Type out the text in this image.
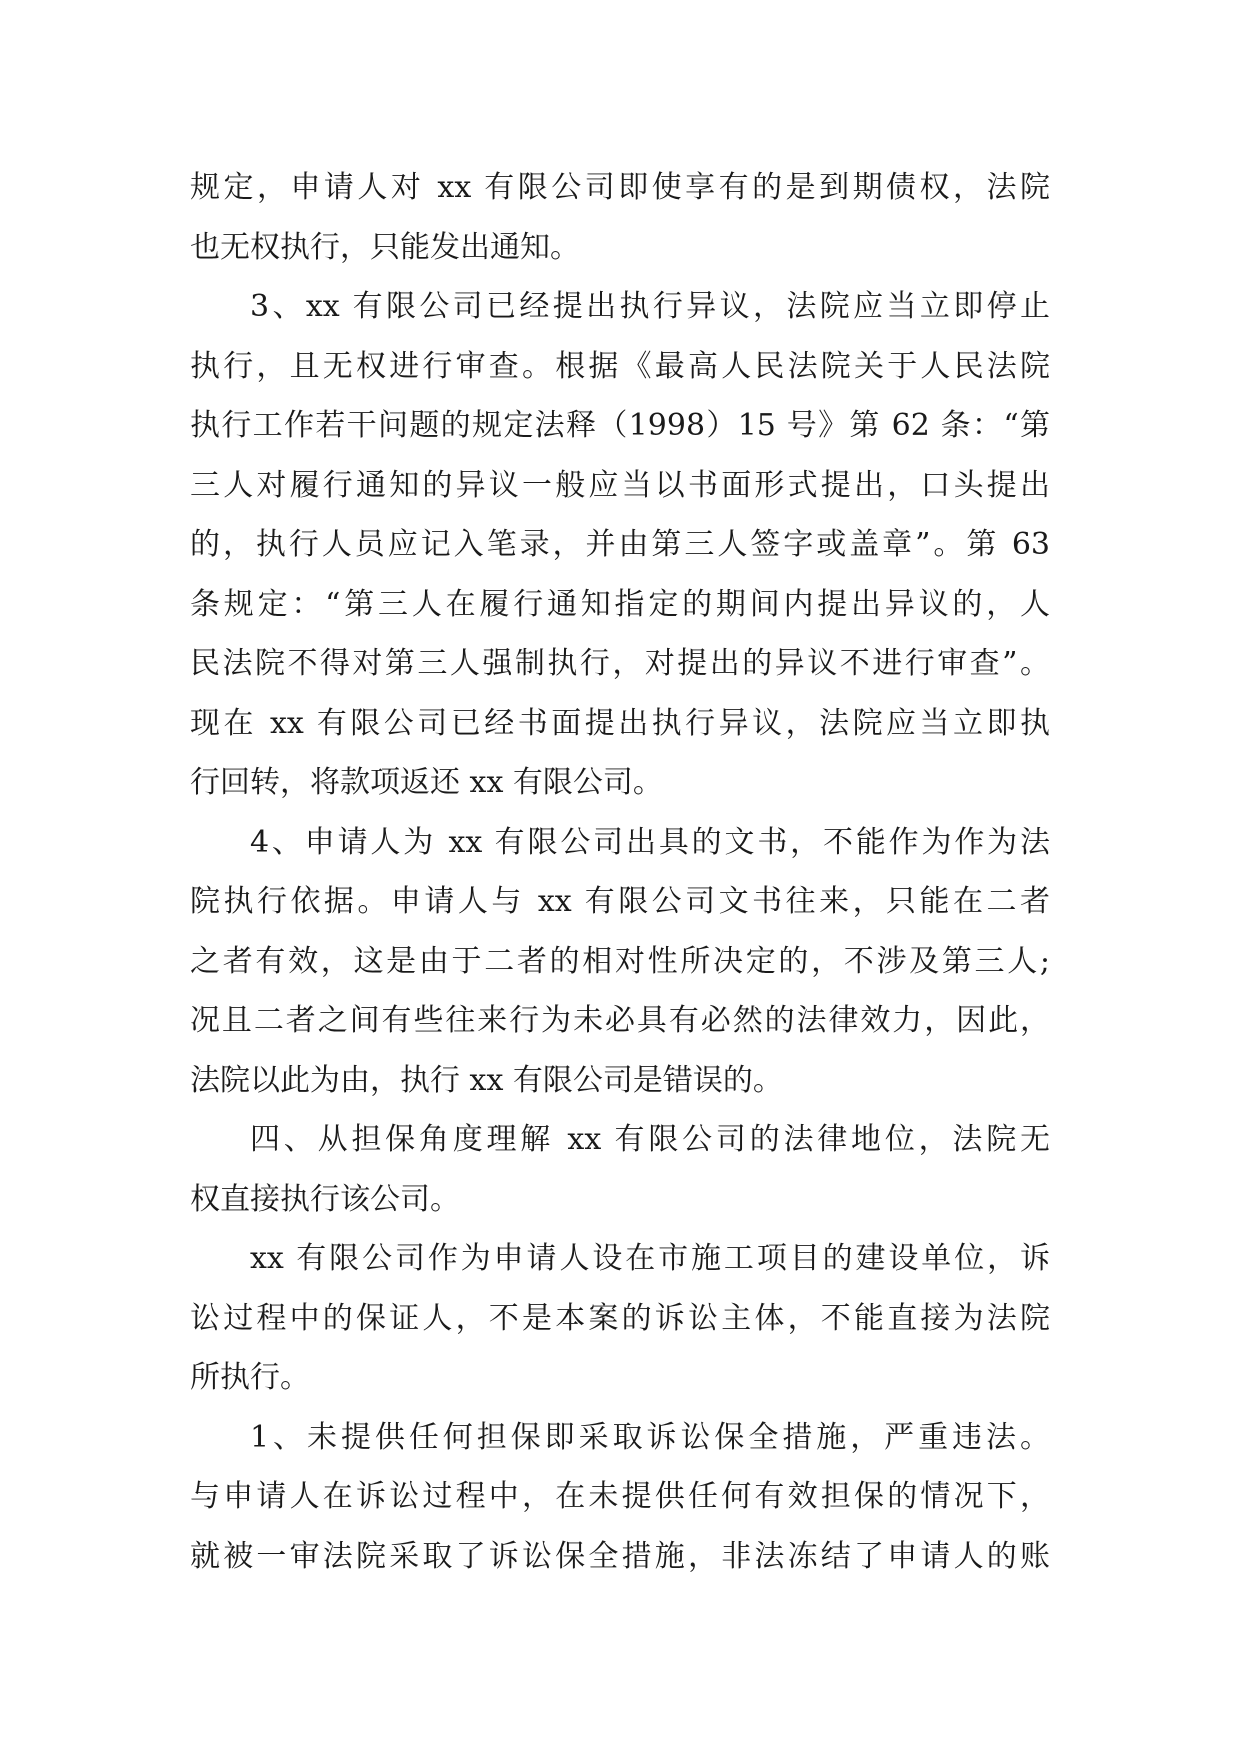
规定，申请人对 xx 有限公司即使享有的是到期债权，法院
也无权执行，只能发出通知。
3、xx 有限公司已经提出执行异议，法院应当立即停止
执行，且无权进行审查。根据《最高人民法院关于人民法院
执行工作若干问题的规定法释（1998）15 号》第 62 条：“第
三人对履行通知的异议一般应当以书面形式提出，口头提出
的，执行人员应记入笔录，并由第三人签字或盖章”。第 63
条规定：“第三人在履行通知指定的期间内提出异议的，人
民法院不得对第三人强制执行，对提出的异议不进行审查”。
现在 xx 有限公司已经书面提出执行异议，法院应当立即执
行回转，将款项返还 xx 有限公司。
4、申请人为 xx 有限公司出具的文书，不能作为作为法
院执行依据。申请人与 xx 有限公司文书往来，只能在二者
之者有效，这是由于二者的相对性所决定的，不涉及第三人;
况且二者之间有些往来行为未必具有必然的法律效力，因此，
法院以此为由，执行 xx 有限公司是错误的。
四、从担保角度理解 xx 有限公司的法律地位，法院无
权直接执行该公司。
xx 有限公司作为申请人设在市施工项目的建设单位，诉
讼过程中的保证人，不是本案的诉讼主体，不能直接为法院
所执行。
1、未提供任何担保即采取诉讼保全措施，严重违法。
与申请人在诉讼过程中，在未提供任何有效担保的情况下，
就被一审法院采取了诉讼保全措施，非法冻结了申请人的账
